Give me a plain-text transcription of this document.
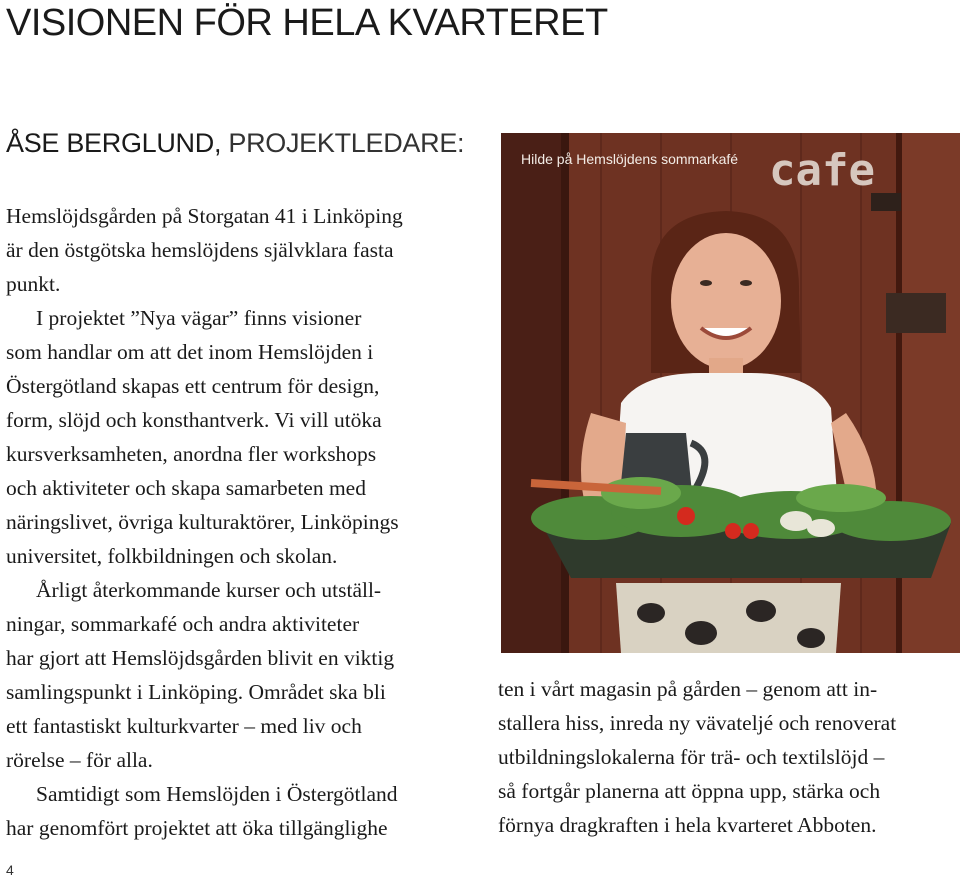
VISIONEN FÖR HELA KVARTERET
ÅSE BERGLUND, PROJEKTLEDARE:
Hemslöjdsgården på Storgatan 41 i Linköping
är den östgötska hemslöjdens självklara fasta
punkt.
I projektet ”Nya vägar” finns visioner
som handlar om att det inom Hemslöjden i
Östergötland skapas ett centrum för design,
form, slöjd och konsthantverk. Vi vill utöka
kursverksamheten, anordna fler workshops
och aktiviteter och skapa samarbeten med
näringslivet, övriga kulturaktörer, Linköpings
universitet, folkbildningen och skolan.
Årligt återkommande kurser och utställ-
ningar, sommarkafé och andra aktiviteter
har gjort att Hemslöjdsgården blivit en viktig
samlingspunkt i Linköping. Området ska bli
ett fantastiskt kulturkvarter – med liv och
rörelse – för alla.
Samtidigt som Hemslöjden i Östergötland
har genomfört projektet att öka tillgänglighe
cafe
Hilde på Hemslöjdens sommarkafé
ten i vårt magasin på gården – genom att in-
stallera hiss, inreda ny vävateljé och renoverat
utbildningslokalerna för trä- och textilslöjd –
så fortgår planerna att öppna upp, stärka och
förnya dragkraften i hela kvarteret Abboten.
4
